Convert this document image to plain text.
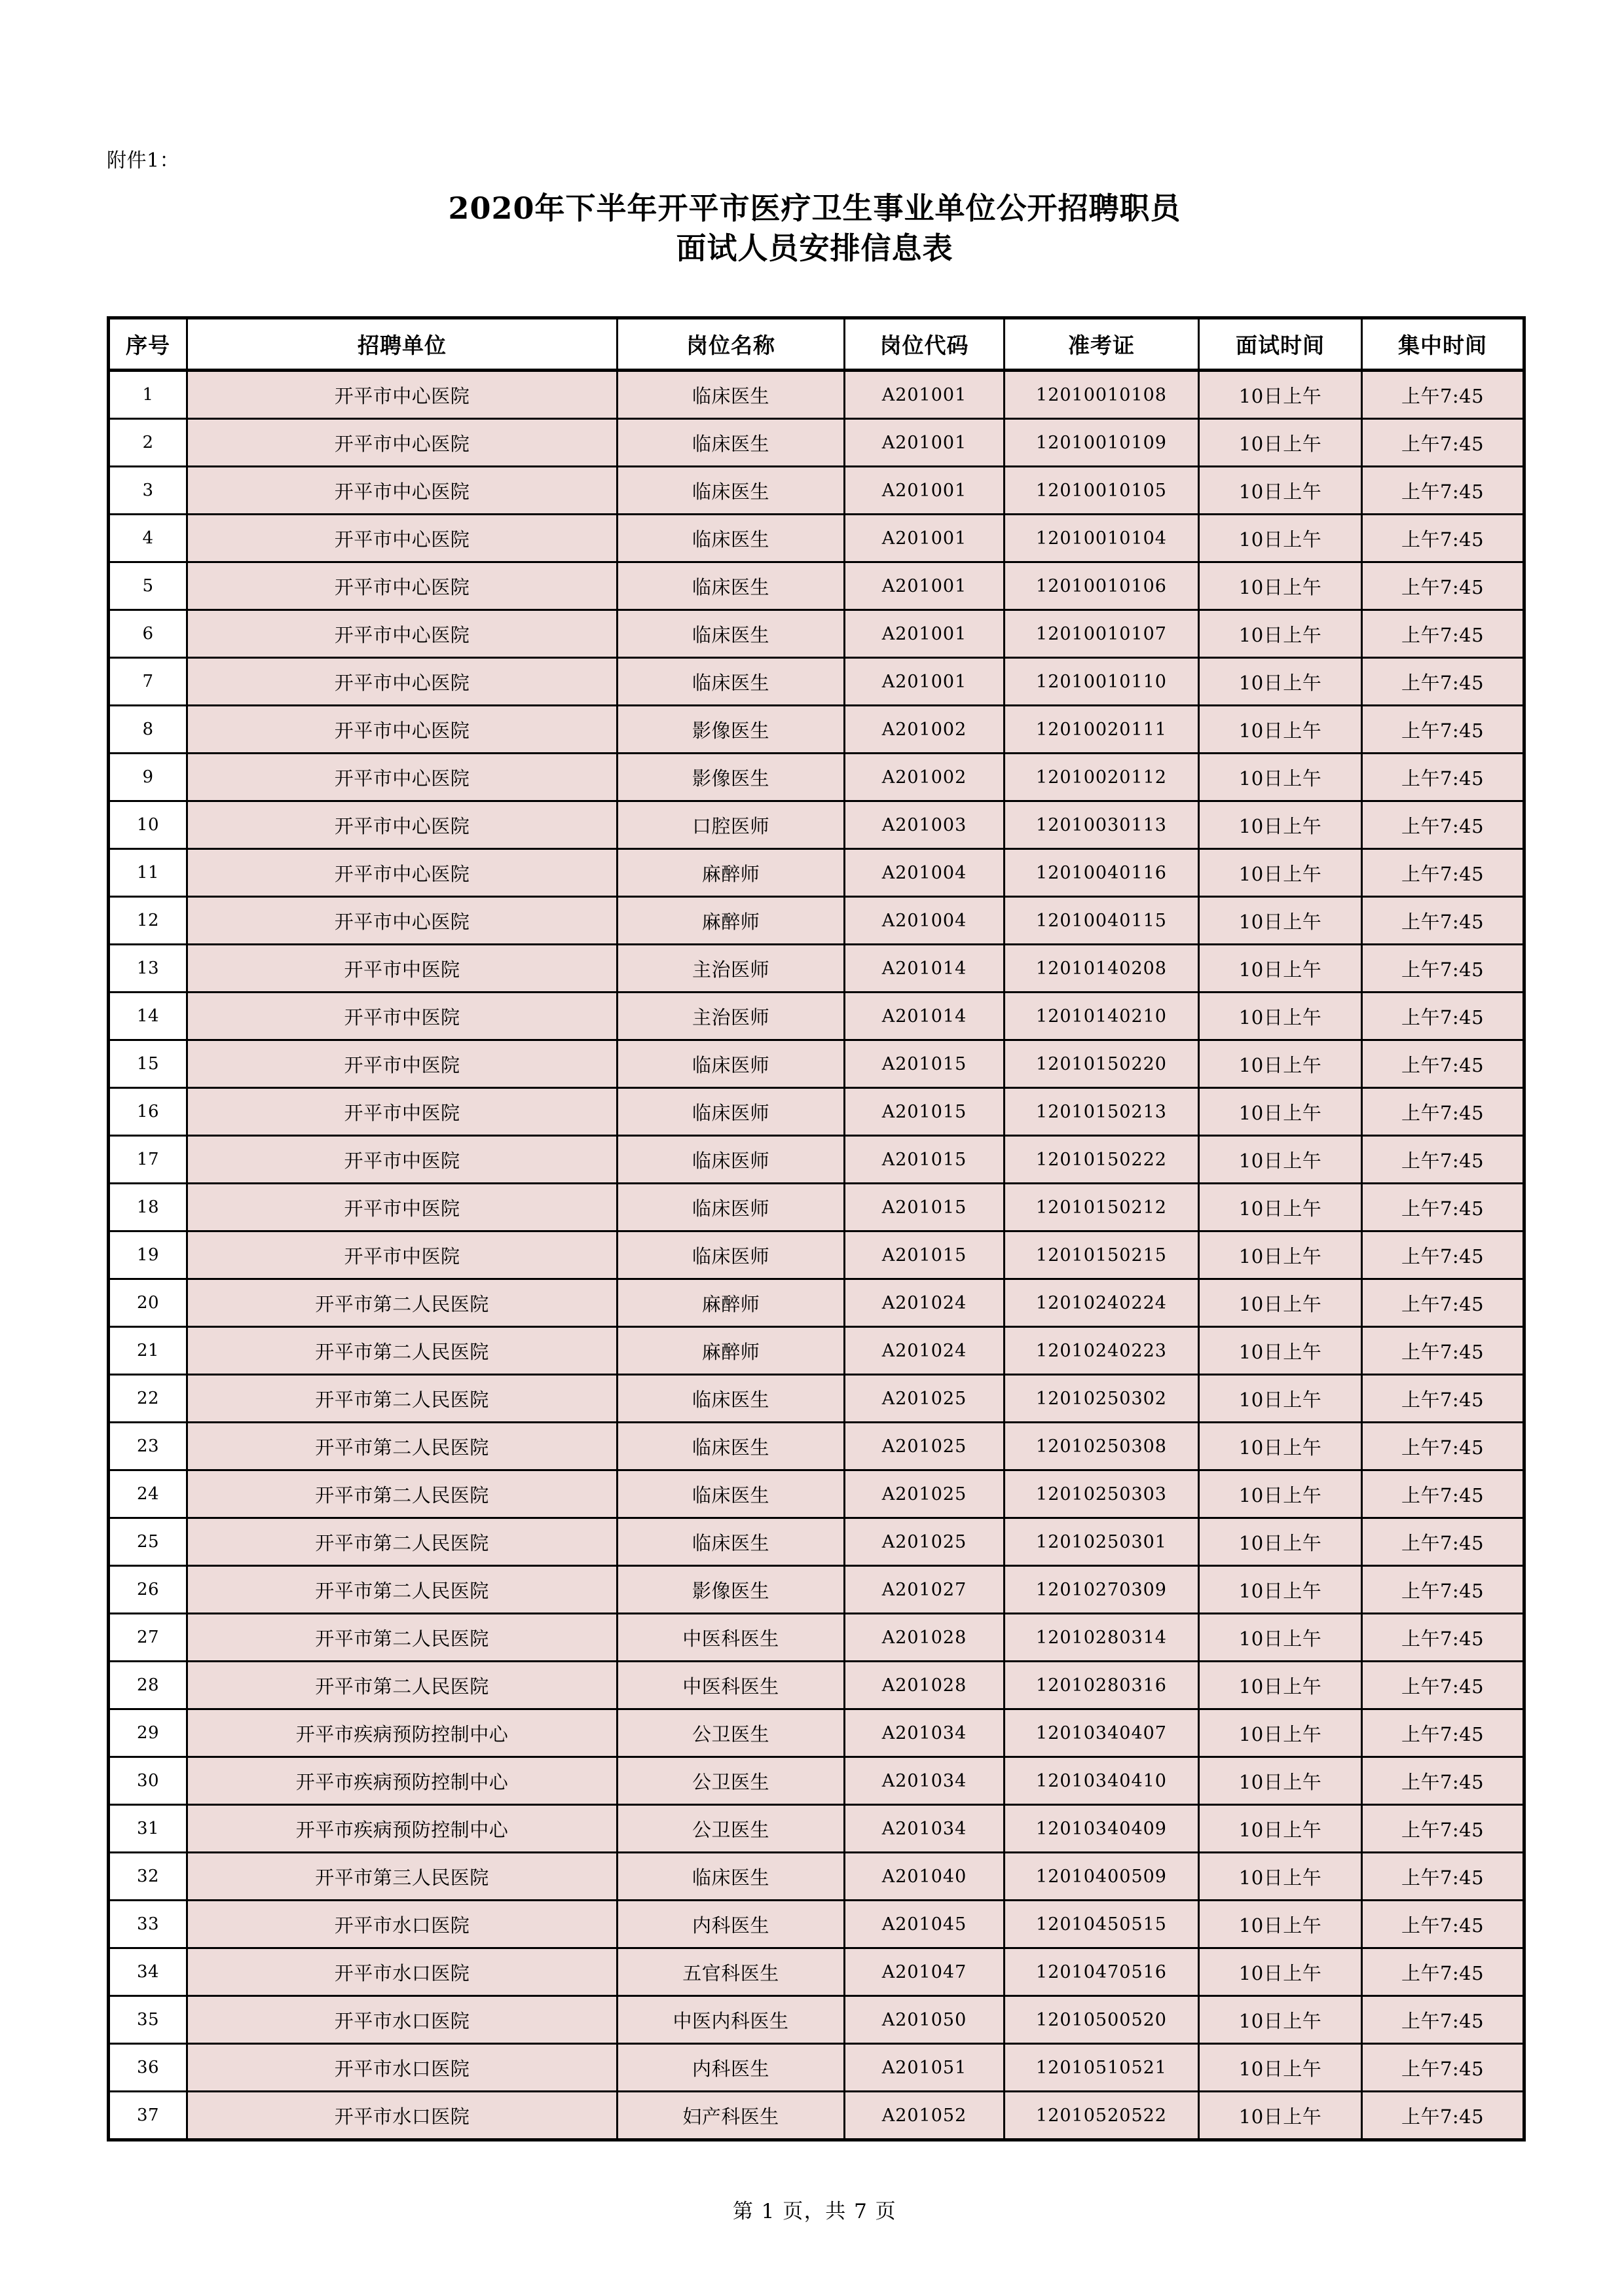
附件1：
2020年下半年开平市医疗卫生事业单位公开招聘职员
面试人员安排信息表
序号	招聘单位	岗位名称	岗位代码	准考证	面试时间	集中时间
1	开平市中心医院	临床医生	A201001	12010010108	10日上午	上午7:45
2	开平市中心医院	临床医生	A201001	12010010109	10日上午	上午7:45
3	开平市中心医院	临床医生	A201001	12010010105	10日上午	上午7:45
4	开平市中心医院	临床医生	A201001	12010010104	10日上午	上午7:45
5	开平市中心医院	临床医生	A201001	12010010106	10日上午	上午7:45
6	开平市中心医院	临床医生	A201001	12010010107	10日上午	上午7:45
7	开平市中心医院	临床医生	A201001	12010010110	10日上午	上午7:45
8	开平市中心医院	影像医生	A201002	12010020111	10日上午	上午7:45
9	开平市中心医院	影像医生	A201002	12010020112	10日上午	上午7:45
10	开平市中心医院	口腔医师	A201003	12010030113	10日上午	上午7:45
11	开平市中心医院	麻醉师	A201004	12010040116	10日上午	上午7:45
12	开平市中心医院	麻醉师	A201004	12010040115	10日上午	上午7:45
13	开平市中医院	主治医师	A201014	12010140208	10日上午	上午7:45
14	开平市中医院	主治医师	A201014	12010140210	10日上午	上午7:45
15	开平市中医院	临床医师	A201015	12010150220	10日上午	上午7:45
16	开平市中医院	临床医师	A201015	12010150213	10日上午	上午7:45
17	开平市中医院	临床医师	A201015	12010150222	10日上午	上午7:45
18	开平市中医院	临床医师	A201015	12010150212	10日上午	上午7:45
19	开平市中医院	临床医师	A201015	12010150215	10日上午	上午7:45
20	开平市第二人民医院	麻醉师	A201024	12010240224	10日上午	上午7:45
21	开平市第二人民医院	麻醉师	A201024	12010240223	10日上午	上午7:45
22	开平市第二人民医院	临床医生	A201025	12010250302	10日上午	上午7:45
23	开平市第二人民医院	临床医生	A201025	12010250308	10日上午	上午7:45
24	开平市第二人民医院	临床医生	A201025	12010250303	10日上午	上午7:45
25	开平市第二人民医院	临床医生	A201025	12010250301	10日上午	上午7:45
26	开平市第二人民医院	影像医生	A201027	12010270309	10日上午	上午7:45
27	开平市第二人民医院	中医科医生	A201028	12010280314	10日上午	上午7:45
28	开平市第二人民医院	中医科医生	A201028	12010280316	10日上午	上午7:45
29	开平市疾病预防控制中心	公卫医生	A201034	12010340407	10日上午	上午7:45
30	开平市疾病预防控制中心	公卫医生	A201034	12010340410	10日上午	上午7:45
31	开平市疾病预防控制中心	公卫医生	A201034	12010340409	10日上午	上午7:45
32	开平市第三人民医院	临床医生	A201040	12010400509	10日上午	上午7:45
33	开平市水口医院	内科医生	A201045	12010450515	10日上午	上午7:45
34	开平市水口医院	五官科医生	A201047	12010470516	10日上午	上午7:45
35	开平市水口医院	中医内科医生	A201050	12010500520	10日上午	上午7:45
36	开平市水口医院	内科医生	A201051	12010510521	10日上午	上午7:45
37	开平市水口医院	妇产科医生	A201052	12010520522	10日上午	上午7:45
第 1 页，共 7 页
